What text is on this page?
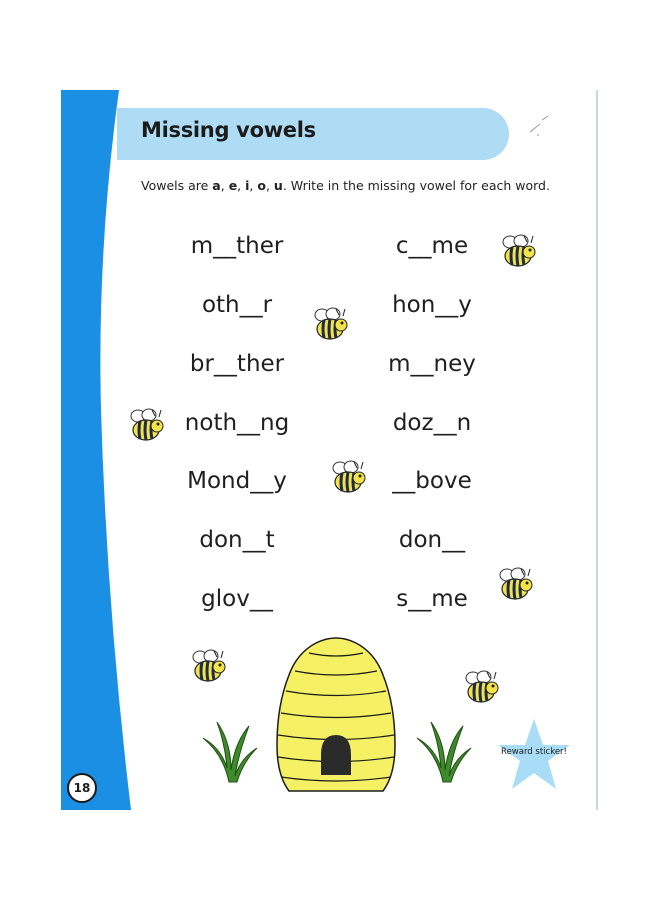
Missing vowels
Vowels are a, e, i, o, u. Write in the missing vowel for each word.
m__ther
oth__r
br__ther
noth__ng
Mond__y
don__t
glov__
c__me
hon__y
m__ney
doz__n
__bove
don__
s__me
Reward sticker!
18
